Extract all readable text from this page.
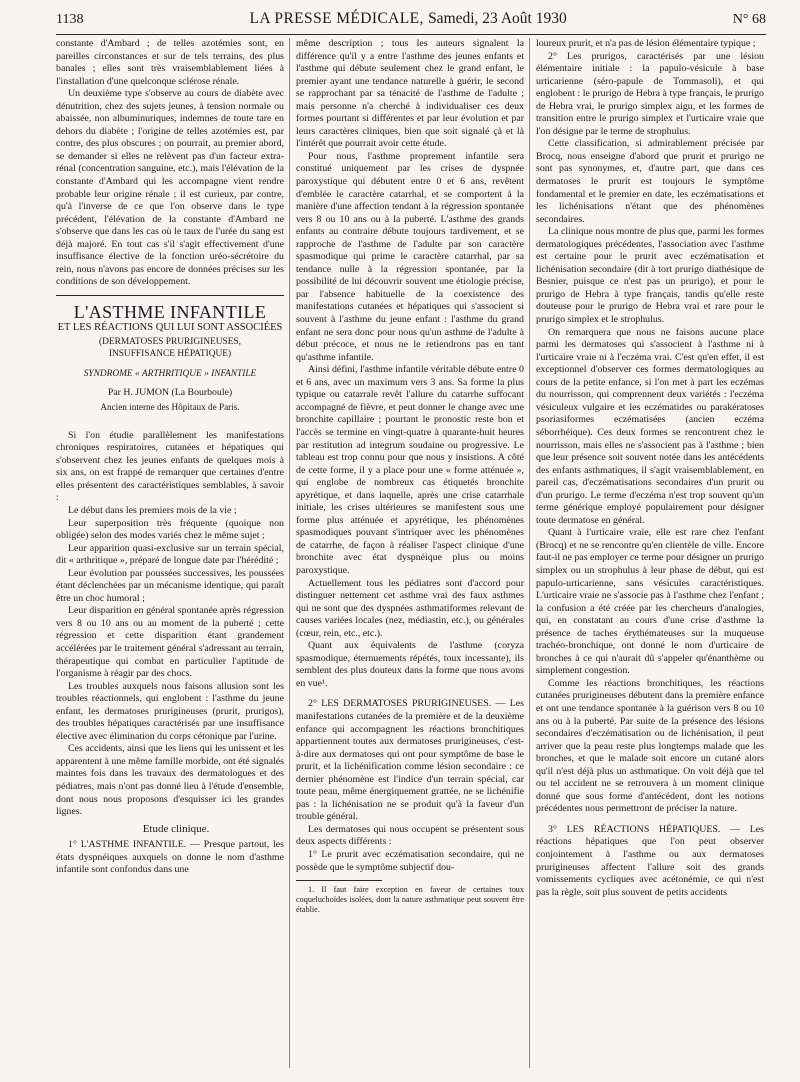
1138	LA PRESSE MÉDICALE, Samedi, 23 Août 1930	N° 68

constante d'Ambard ; de telles azotémies sont, en pareilles circonstances et sur de tels terrains, des plus banales ; elles sont très vraisemblablement liées à l'installation d'une quelconque sclérose rénale.

Un deuxième type s'observe au cours de diabète avec dénutrition, chez des sujets jeunes, à tension normale ou abaissée, non albuminuriques, indemnes de toute tare en dehors du diabète ; l'origine de telles azotémies est, par contre, des plus obscures ; on pourrait, au premier abord, se demander si elles ne relèvent pas d'un facteur extra-rénal (concentration sanguine, etc.), mais l'élévation de la constante d'Ambard qui les accompagne vient rendre probable leur origine rénale ; il est curieux, par contre, qu'à l'inverse de ce que l'on observe dans le type précédent, l'élévation de la constante d'Ambard ne s'observe que dans les cas où le taux de l'urée du sang est déjà majoré. En tout cas s'il s'agit effectivement d'une insuffisance élective de la fonction uréo-sécrétoire du rein, nous n'avons pas encore de données précises sur les conditions de son développement.

L'ASTHME INFANTILE
ET LES RÉACTIONS QUI LUI SONT ASSOCIÉES
(DERMATOSES PRURIGINEUSES,
INSUFFISANCE HÉPATIQUE)
SYNDROME « ARTHRITIQUE » INFANTILE
Par H. JUMON (La Bourboule)
Ancien interne des Hôpitaux de Paris.

Si l'on étudie parallèlement les manifestations chroniques respiratoires, cutanées et hépatiques qui s'observent chez les jeunes enfants de quelques mois à six ans, on est frappé de remarquer que certaines d'entre elles présentent des caractéristiques semblables, à savoir :

Le début dans les premiers mois de la vie ;

Leur superposition très fréquente (quoique non obligée) selon des modes variés chez le même sujet ;

Leur apparition quasi-exclusive sur un terrain spécial, dit « arthritique », préparé de longue date par l'hérédité ;

Leur évolution par poussées successives, les poussées étant déclenchées par un mécanisme identique, qui paraît être un choc humoral ;

Leur disparition en général spontanée après régression vers 8 ou 10 ans ou au moment de la puberté ; cette régression et cette disparition étant grandement accélérées par le traitement général s'adressant au terrain, thérapeutique qui combat en particulier l'aptitude de l'organisme à réagir par des chocs.

Les troubles auxquels nous faisons allusion sont les troubles réactionnels, qui englobent : l'asthme du jeune enfant, les dermatoses prurigineuses (prurit, prurigos), des troubles hépatiques caractérisés par une insuffisance élective avec élimination du corps cétonique par l'urine.

Ces accidents, ainsi que les liens qui les unissent et les apparentent à une même famille morbide, ont été signalés maintes fois dans les travaux des dermatologues et des pédiatres, mais n'ont pas donné lieu à l'étude d'ensemble, dont nous nous proposons d'esquisser ici les grandes lignes.

Etude clinique.

1° L'ASTHME INFANTILE. — Presque partout, les états dyspnéiques auxquels on donne le nom d'asthme infantile sont confondus dans une

même description ; tous les auteurs signalent la différence qu'il y a entre l'asthme des jeunes enfants et l'asthme qui débute seulement chez le grand enfant, le premier ayant une tendance naturelle à guérir, le second se rapprochant par sa ténacité de l'asthme de l'adulte ; mais personne n'a cherché à individualiser ces deux formes pourtant si différentes et par leur évolution et par leurs caractères cliniques, bien que soit signalé çà et là l'intérêt que pourrait avoir cette étude.

Pour nous, l'asthme proprement infantile sera constitué uniquement par les crises de dyspnée paroxystique qui débutent entre 0 et 6 ans, revêtent d'emblée le caractère catarrhal, et se comportent à la manière d'une affection tendant à la régression spontanée vers 8 ou 10 ans ou à la puberté. L'asthme des grands enfants au contraire débute toujours tardivement, et se rapproche de l'asthme de l'adulte par son caractère spasmodique qui prime le caractère catarrhal, par sa tendance nulle à la régression spontanée, par la possibilité de lui découvrir souvent une étiologie précise, par l'absence habituelle de la coexistence des manifestations cutanées et hépatiques qui s'associent si souvent à l'asthme du jeune enfant : l'asthme du grand enfant ne sera donc pour nous qu'un asthme de l'adulte à début précoce, et nous ne le retiendrons pas en tant qu'asthme infantile.

Ainsi défini, l'asthme infantile véritable débute entre 0 et 6 ans, avec un maximum vers 3 ans. Sa forme la plus typique ou catarrale revêt l'allure du catarrhe suffocant accompagné de fièvre, et peut donner le change avec une bronchite capillaire ; pourtant le pronostic reste bon et l'accès se termine en vingt-quatre à quarante-huit heures par restitution ad integrum soudaine ou progressive. Le tableau est trop connu pour que nous y insistions. A côté de cette forme, il y a place pour une « forme atténuée », qui englobe de nombreux cas étiquetés bronchite apyrétique, et dans laquelle, après une crise catarrhale initiale, les crises ultérieures se manifestent sous une forme plus atténuée et apyrétique, les phénomènes spasmodiques pouvant s'intriquer avec les phénomènes de catarrhe, de façon à réaliser l'aspect clinique d'une bronchite avec état dyspnéique plus ou moins paroxystique.

Actuellement tous les pédiatres sont d'accord pour distinguer nettement cet asthme vrai des faux asthmes qui ne sont que des dyspnées asthmatiformes relevant de causes variées locales (nez, médiastin, etc.), ou générales (cœur, rein, etc., etc.).

Quant aux équivalents de l'asthme (coryza spasmodique, éternuements répétés, toux incessante), ils semblent des plus douteux dans la forme que nous avons en vue¹.

2° LES DERMATOSES PRURIGINEUSES. — Les manifestations cutanées de la première et de la deuxième enfance qui accompagnent les réactions bronchitiques appartiennent toutes aux dermatoses prurigineuses, c'est-à-dire aux dermatoses qui ont pour symptôme de base le prurit, et la lichénification comme lésion secondaire : ce dernier phénomène est l'indice d'un terrain spécial, car toute peau, même énergiquement grattée, ne se lichénifie pas : la lichénisation ne se produit qu'à la faveur d'un trouble général.

Les dermatoses qui nous occupent se présentent sous deux aspects différents :

1° Le prurit avec eczématisation secondaire, qui ne possède que le symptôme subjectif dou-

1. Il faut faire exception en faveur de certaines toux coqueluchoïdes isolées, dont la nature asthmatique peut souvent être établie.

loureux prurit, et n'a pas de lésion élémentaire typique ;

2° Les prurigos, caractérisés par une lésion élémentaire initiale : la papulo-vésicule à base urticarienne (séro-papule de Tommasoli), et qui englobent : le prurigo de Hebra à type français, le prurigo de Hebra vrai, le prurigo simplex aigu, et les formes de transition entre le prurigo simplex et l'urticaire vraie que l'on désigne par le terme de strophulus.

Cette classification, si admirablement précisée par Brocq, nous enseigne d'abord que prurit et prurigo ne sont pas synonymes, et, d'autre part, que dans ces dermatoses le prurit est toujours le symptôme fondamental et le premier en date, les eczématisations et les lichénisations n'étant que des phénomènes secondaires.

La clinique nous montre de plus que, parmi les formes dermatologiques précédentes, l'association avec l'asthme est certaine pour le prurit avec eczématisation et lichénisation secondaire (dit à tort prurigo diathésique de Besnier, puisque ce n'est pas un prurigo), et pour le prurigo de Hebra à type français, tandis qu'elle reste douteuse pour le prurigo de Hebra vrai et rare pour le prurigo simplex et le strophulus.

On remarquera que nous ne faisons aucune place parmi les dermatoses qui s'associent à l'asthme ni à l'urticaire vraie ni à l'eczéma vrai. C'est qu'en effet, il est exceptionnel d'observer ces formes dermatologiques au cours de la petite enfance, si l'on met à part les eczémas du nourrisson, qui comprennent deux variétés : l'eczéma vésiculeux vulgaire et les eczématides ou parakératoses psoriasiformes eczématisées (ancien eczéma séborrhéique). Ces deux formes se rencontrent chez le nourrisson, mais elles ne s'associent pas à l'asthme ; bien que leur présence soit souvent notée dans les antécédents des enfants asthmatiques, il s'agit vraisemblablement, en pareil cas, d'eczématisations secondaires d'un prurit ou d'un prurigo. Le terme d'eczéma n'est trop souvent qu'un terme générique employé populairement pour désigner toute dermatose en général.

Quant à l'urticaire vraie, elle est rare chez l'enfant (Brocq) et ne se rencontre qu'en clientèle de ville. Encore faut-il ne pas employer ce terme pour désigner un prurigo simplex ou un strophulus à leur phase de début, qui est papulo-urticarienne, sans vésicules caractéristiques. L'urticaire vraie ne s'associe pas à l'asthme chez l'enfant ; la confusion a été créée par les chercheurs d'analogies, qui, en constatant au cours d'une crise d'asthme la présence de taches érythémateuses sur la muqueuse trachéo-bronchique, ont donné le nom d'urticaire de bronches à ce qui n'aurait dû s'appeler qu'énanthème ou simplement congestion.

Comme les réactions bronchitiques, les réactions cutanées prurigineuses débutent dans la première enfance et ont une tendance spontanée à la guérison vers 8 ou 10 ans ou à la puberté. Par suite de la présence des lésions secondaires d'eczématisation ou de lichénisation, il peut arriver que la peau reste plus longtemps malade que les bronches, et que le malade soit encore un cutané alors qu'il n'est déjà plus un asthmatique. On voit déjà que tel ou tel accident ne se retrouvera à un moment clinique donné que sous forme d'antécédent, dont les notions précédentes nous permettront de préciser la nature.

3° LES RÉACTIONS HÉPATIQUES. — Les réactions hépatiques que l'on peut observer conjointement à l'asthme ou aux dermatoses prurigineuses affectent l'allure soit des grands vomissements cycliques avec acétonémie, ce qui n'est pas la règle, soit plus souvent de petits accidents
